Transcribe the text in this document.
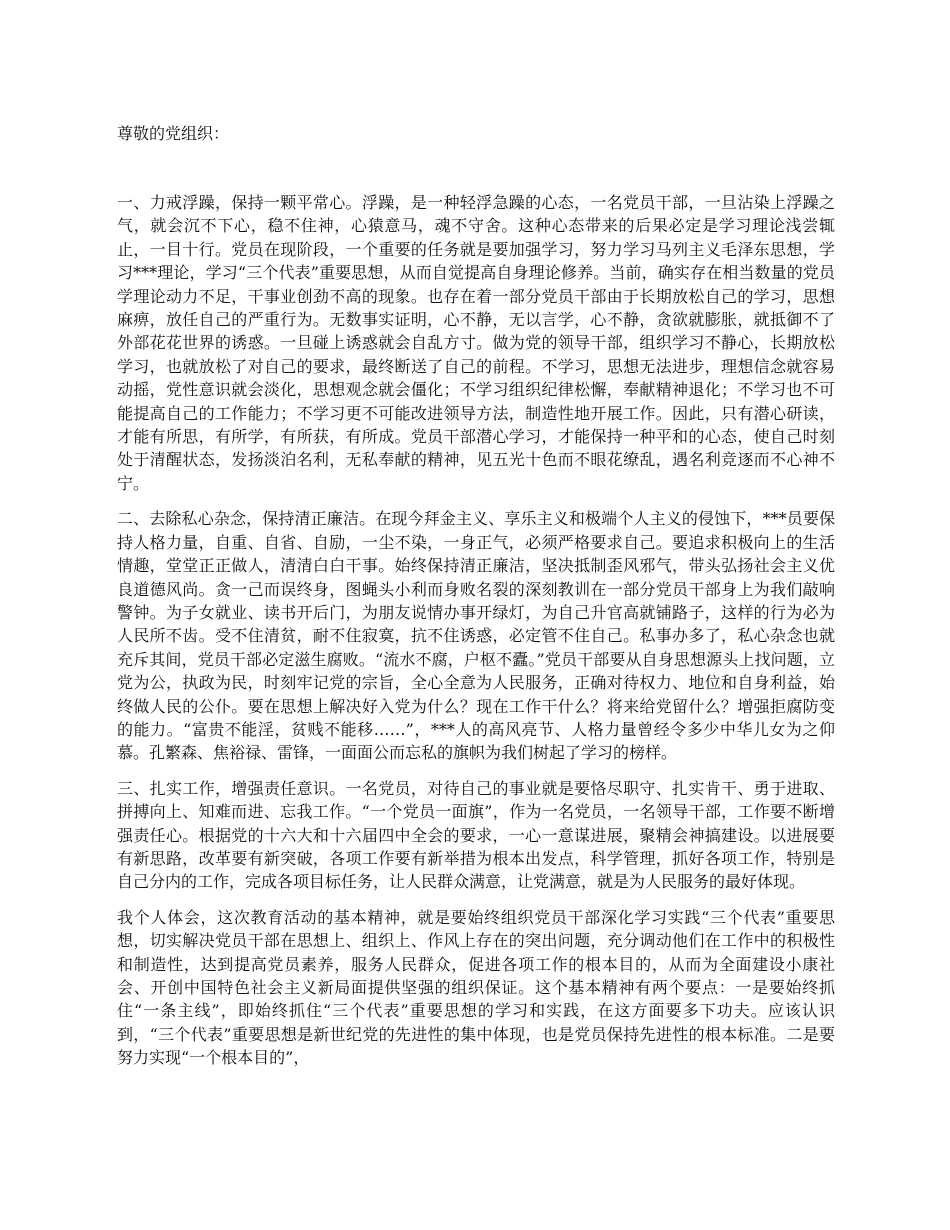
尊敬的党组织：

一、力戒浮躁，保持一颗平常心。浮躁，是一种轻浮急躁的心态，一名党员干部，一旦沾染上浮躁之气，就会沉不下心，稳不住神，心猿意马，魂不守舍。这种心态带来的后果必定是学习理论浅尝辄止，一目十行。党员在现阶段，一个重要的任务就是要加强学习，努力学习马列主义毛泽东思想，学习***理论，学习“三个代表”重要思想，从而自觉提高自身理论修养。当前，确实存在相当数量的党员学理论动力不足，干事业创劲不高的现象。也存在着一部分党员干部由于长期放松自己的学习，思想麻痹，放任自己的严重行为。无数事实证明，心不静，无以言学，心不静，贪欲就膨胀，就抵御不了外部花花世界的诱惑。一旦碰上诱惑就会自乱方寸。做为党的领导干部，组织学习不静心，长期放松学习，也就放松了对自己的要求，最终断送了自己的前程。不学习，思想无法进步，理想信念就容易动摇，党性意识就会淡化，思想观念就会僵化；不学习组织纪律松懈，奉献精神退化；不学习也不可能提高自己的工作能力；不学习更不可能改进领导方法，制造性地开展工作。因此，只有潜心研读，才能有所思，有所学，有所获，有所成。党员干部潜心学习，才能保持一种平和的心态，使自己时刻处于清醒状态，发扬淡泊名利，无私奉献的精神，见五光十色而不眼花缭乱，遇名利竞逐而不心神不宁。

二、去除私心杂念，保持清正廉洁。在现今拜金主义、享乐主义和极端个人主义的侵蚀下，***员要保持人格力量，自重、自省、自励，一尘不染，一身正气，必须严格要求自己。要追求积极向上的生活情趣，堂堂正正做人，清清白白干事。始终保持清正廉洁，坚决抵制歪风邪气，带头弘扬社会主义优良道德风尚。贪一己而误终身，图蝇头小利而身败名裂的深刻教训在一部分党员干部身上为我们敲响警钟。为子女就业、读书开后门，为朋友说情办事开绿灯，为自己升官高就铺路子，这样的行为必为人民所不齿。受不住清贫，耐不住寂寞，抗不住诱惑，必定管不住自己。私事办多了，私心杂念也就充斥其间，党员干部必定滋生腐败。“流水不腐，户枢不蠹。”党员干部要从自身思想源头上找问题，立党为公，执政为民，时刻牢记党的宗旨，全心全意为人民服务，正确对待权力、地位和自身利益，始终做人民的公仆。要在思想上解决好入党为什么？现在工作干什么？将来给党留什么？增强拒腐防变的能力。“富贵不能淫，贫贱不能移……”，***人的高风亮节、人格力量曾经令多少中华儿女为之仰慕。孔繁森、焦裕禄、雷锋，一面面公而忘私的旗帜为我们树起了学习的榜样。

三、扎实工作，增强责任意识。一名党员，对待自己的事业就是要恪尽职守、扎实肯干、勇于进取、拼搏向上、知难而进、忘我工作。“一个党员一面旗”，作为一名党员，一名领导干部，工作要不断增强责任心。根据党的十六大和十六届四中全会的要求，一心一意谋进展，聚精会神搞建设。以进展要有新思路，改革要有新突破，各项工作要有新举措为根本出发点，科学管理，抓好各项工作，特别是自己分内的工作，完成各项目标任务，让人民群众满意，让党满意，就是为人民服务的最好体现。

我个人体会，这次教育活动的基本精神，就是要始终组织党员干部深化学习实践“三个代表”重要思想，切实解决党员干部在思想上、组织上、作风上存在的突出问题，充分调动他们在工作中的积极性和制造性，达到提高党员素养，服务人民群众，促进各项工作的根本目的，从而为全面建设小康社会、开创中国特色社会主义新局面提供坚强的组织保证。这个基本精神有两个要点：一是要始终抓住“一条主线”，即始终抓住“三个代表”重要思想的学习和实践，在这方面要多下功夫。应该认识到，“三个代表”重要思想是新世纪党的先进性的集中体现，也是党员保持先进性的根本标准。二是要努力实现“一个根本目的”，
